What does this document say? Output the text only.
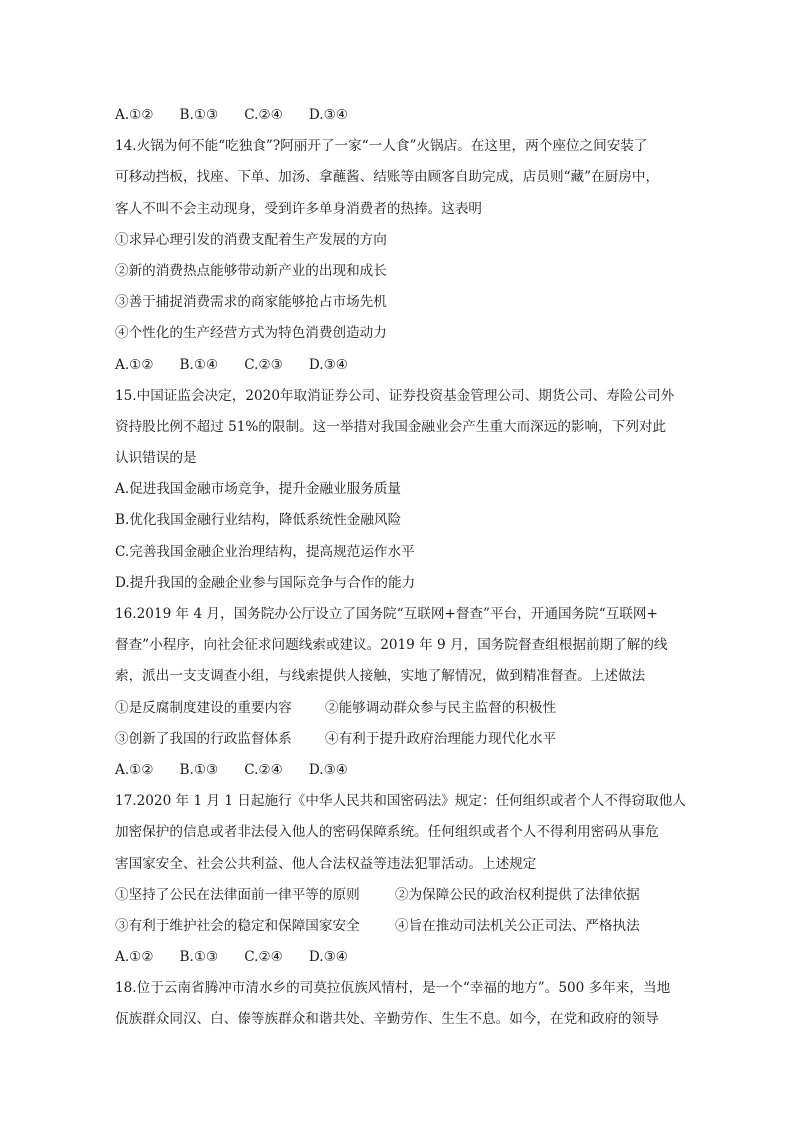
A.①② B.①③ C.②④ D.③④
14.火锅为何不能“吃独食”?阿丽开了一家“一人食”火锅店。在这里，两个座位之间安装了
可移动挡板，找座、下单、加汤、拿蘸酱、结账等由顾客自助完成，店员则“藏”在厨房中，
客人不叫不会主动现身，受到许多单身消费者的热捧。这表明
①求异心理引发的消费支配着生产发展的方向
②新的消费热点能够带动新产业的出现和成长
③善于捕捉消费需求的商家能够抢占市场先机
④个性化的生产经营方式为特色消费创造动力
A.①② B.①④ C.②③ D.③④
15.中国证监会决定，2020年取消证券公司、证券投资基金管理公司、期货公司、寿险公司外
资持股比例不超过 51%的限制。这一举措对我国金融业会产生重大而深远的影响，下列对此
认识错误的是
A.促进我国金融市场竞争，提升金融业服务质量
B.优化我国金融行业结构，降低系统性金融风险
C.完善我国金融企业治理结构，提高规范运作水平
D.提升我国的金融企业参与国际竞争与合作的能力
16.2019 年 4 月，国务院办公厅设立了国务院“互联网+督查”平台，开通国务院“互联网+
督查”小程序，向社会征求问题线索或建议。2019 年 9 月，国务院督查组根据前期了解的线
索，派出一支支调查小组，与线索提供人接触，实地了解情况，做到精准督查。上述做法
①是反腐制度建设的重要内容 ②能够调动群众参与民主监督的积极性
③创新了我国的行政监督体系 ④有利于提升政府治理能力现代化水平
A.①② B.①③ C.②④ D.③④
17.2020 年 1 月 1 日起施行《中华人民共和国密码法》规定：任何组织或者个人不得窃取他人
加密保护的信息或者非法侵入他人的密码保障系统。任何组织或者个人不得利用密码从事危
害国家安全、社会公共利益、他人合法权益等违法犯罪活动。上述规定
①坚持了公民在法律面前一律平等的原则	②为保障公民的政治权利提供了法律依据
③有利于维护社会的稳定和保障国家安全	④旨在推动司法机关公正司法、严格执法
A.①② B.①③ C.②④ D.③④
18.位于云南省腾冲市清水乡的司莫拉佤族风情村，是一个“幸福的地方”。500 多年来，当地
佤族群众同汉、白、傣等族群众和谐共处、辛勤劳作、生生不息。如今，在党和政府的领导
